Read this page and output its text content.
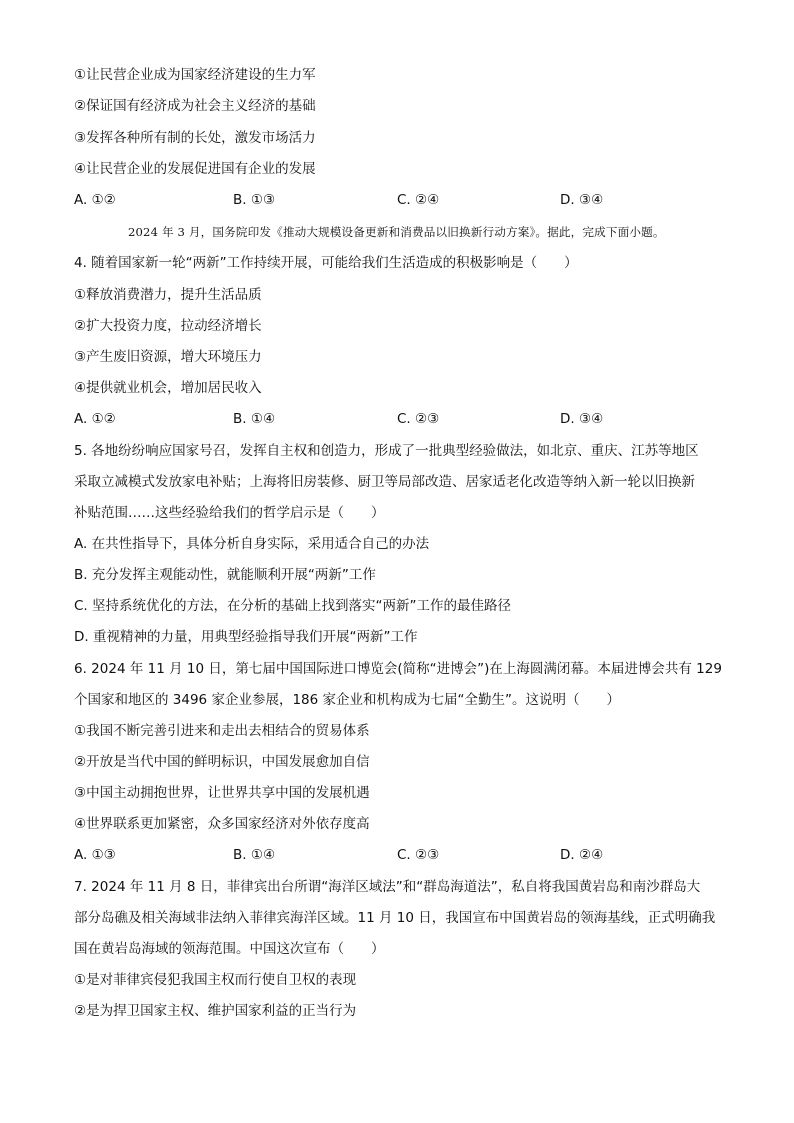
①让民营企业成为国家经济建设的生力军
②保证国有经济成为社会主义经济的基础
③发挥各种所有制的长处，激发市场活力
④让民营企业的发展促进国有企业的发展
A. ①②	B. ①③	C. ②④	D. ③④
2024 年 3 月，国务院印发《推动大规模设备更新和消费品以旧换新行动方案》。据此，完成下面小题。
4. 随着国家新一轮“两新”工作持续开展，可能给我们生活造成的积极影响是（　　）
①释放消费潜力，提升生活品质
②扩大投资力度，拉动经济增长
③产生废旧资源，增大环境压力
④提供就业机会，增加居民收入
A. ①②	B. ①④	C. ②③	D. ③④
5. 各地纷纷响应国家号召，发挥自主权和创造力，形成了一批典型经验做法，如北京、重庆、江苏等地区
采取立减模式发放家电补贴；上海将旧房装修、厨卫等局部改造、居家适老化改造等纳入新一轮以旧换新
补贴范围……这些经验给我们的哲学启示是（　　）
A. 在共性指导下，具体分析自身实际，采用适合自己的办法
B. 充分发挥主观能动性，就能顺利开展“两新”工作
C. 坚持系统优化的方法，在分析的基础上找到落实“两新”工作的最佳路径
D. 重视精神的力量，用典型经验指导我们开展“两新”工作
6. 2024 年 11 月 10 日，第七届中国国际进口博览会(简称“进博会”)在上海圆满闭幕。本届进博会共有 129
个国家和地区的 3496 家企业参展，186 家企业和机构成为七届“全勤生”。这说明（　　）
①我国不断完善引进来和走出去相结合的贸易体系
②开放是当代中国的鲜明标识，中国发展愈加自信
③中国主动拥抱世界，让世界共享中国的发展机遇
④世界联系更加紧密，众多国家经济对外依存度高
A. ①③	B. ①④	C. ②③	D. ②④
7. 2024 年 11 月 8 日，菲律宾出台所谓“海洋区域法”和“群岛海道法”，私自将我国黄岩岛和南沙群岛大
部分岛礁及相关海域非法纳入菲律宾海洋区域。11 月 10 日，我国宣布中国黄岩岛的领海基线，正式明确我
国在黄岩岛海域的领海范围。中国这次宣布（　　）
①是对菲律宾侵犯我国主权而行使自卫权的表现
②是为捍卫国家主权、维护国家利益的正当行为
